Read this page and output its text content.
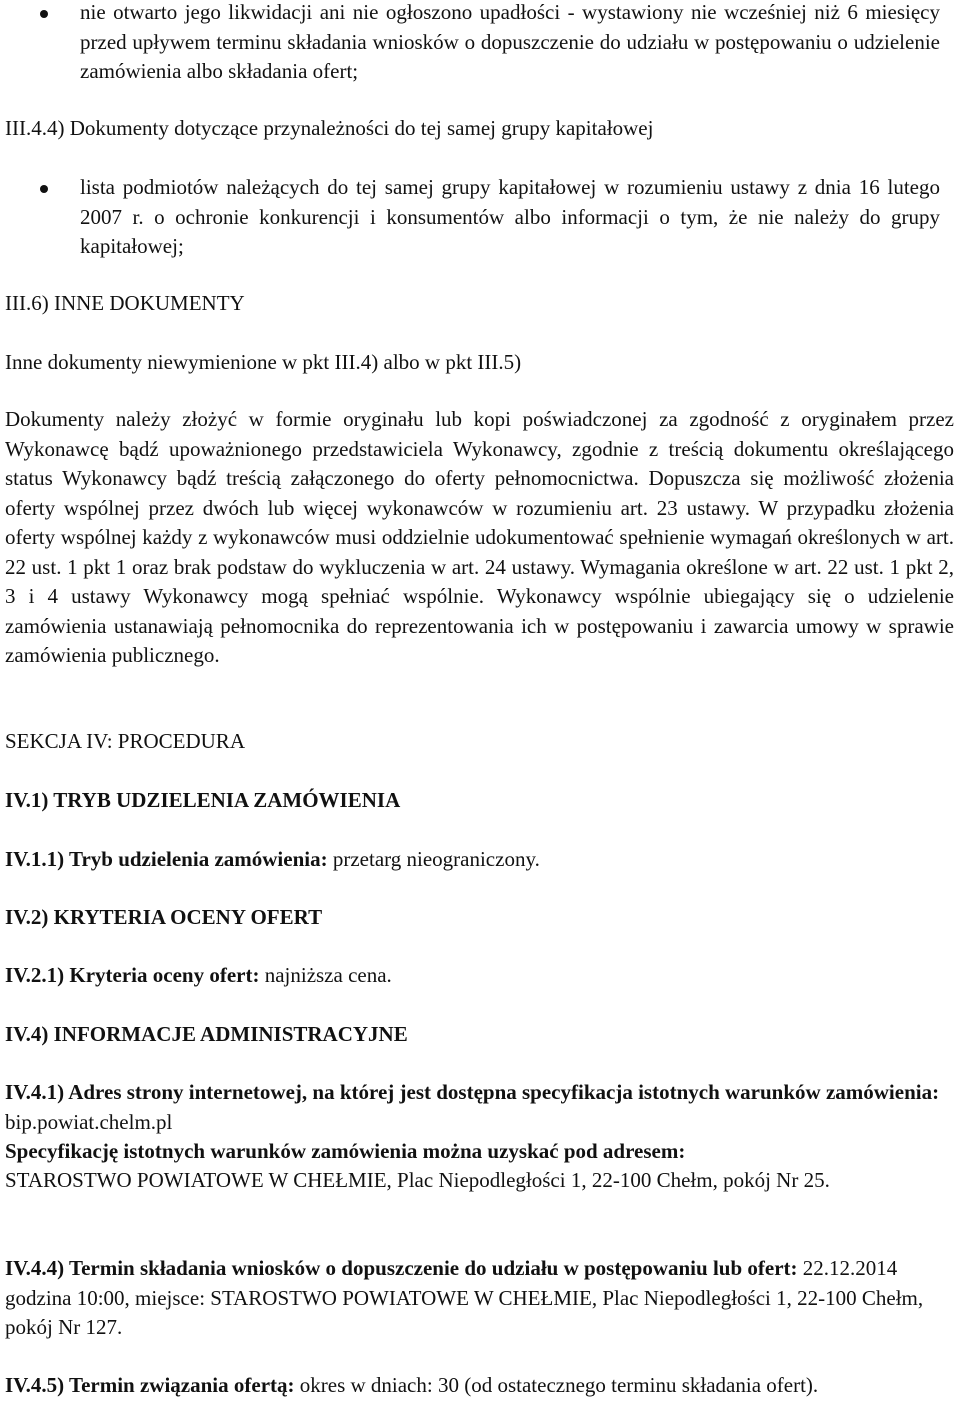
nie otwarto jego likwidacji ani nie ogłoszono upadłości - wystawiony nie wcześniej niż 6 miesięcy przed upływem terminu składania wniosków o dopuszczenie do udziału w postępowaniu o udzielenie zamówienia albo składania ofert;
III.4.4) Dokumenty dotyczące przynależności do tej samej grupy kapitałowej
lista podmiotów należących do tej samej grupy kapitałowej w rozumieniu ustawy z dnia 16 lutego 2007 r. o ochronie konkurencji i konsumentów albo informacji o tym, że nie należy do grupy kapitałowej;
III.6) INNE DOKUMENTY
Inne dokumenty niewymienione w pkt III.4) albo w pkt III.5)
Dokumenty należy złożyć w formie oryginału lub kopi poświadczonej za zgodność z oryginałem przez Wykonawcę bądź upoważnionego przedstawiciela Wykonawcy, zgodnie z treścią dokumentu określającego status Wykonawcy bądź treścią załączonego do oferty pełnomocnictwa. Dopuszcza się możliwość złożenia oferty wspólnej przez dwóch lub więcej wykonawców w rozumieniu art. 23 ustawy. W przypadku złożenia oferty wspólnej każdy z wykonawców musi oddzielnie udokumentować spełnienie wymagań określonych w art. 22 ust. 1 pkt 1 oraz brak podstaw do wykluczenia w art. 24 ustawy. Wymagania określone w art. 22 ust. 1 pkt 2, 3 i 4 ustawy Wykonawcy mogą spełniać wspólnie. Wykonawcy wspólnie ubiegający się o udzielenie zamówienia ustanawiają pełnomocnika do reprezentowania ich w postępowaniu i zawarcia umowy w sprawie zamówienia publicznego.
SEKCJA IV: PROCEDURA
IV.1) TRYB UDZIELENIA ZAMÓWIENIA
IV.1.1) Tryb udzielenia zamówienia: przetarg nieograniczony.
IV.2) KRYTERIA OCENY OFERT
IV.2.1) Kryteria oceny ofert: najniższa cena.
IV.4) INFORMACJE ADMINISTRACYJNE
IV.4.1) Adres strony internetowej, na której jest dostępna specyfikacja istotnych warunków zamówienia: bip.powiat.chelm.pl
Specyfikację istotnych warunków zamówienia można uzyskać pod adresem:
STAROSTWO POWIATOWE W CHEŁMIE, Plac Niepodległości 1, 22-100 Chełm, pokój Nr 25.
IV.4.4) Termin składania wniosków o dopuszczenie do udziału w postępowaniu lub ofert: 22.12.2014 godzina 10:00, miejsce: STAROSTWO POWIATOWE W CHEŁMIE, Plac Niepodległości 1, 22-100 Chełm, pokój Nr 127.
IV.4.5) Termin związania ofertą: okres w dniach: 30 (od ostatecznego terminu składania ofert).
